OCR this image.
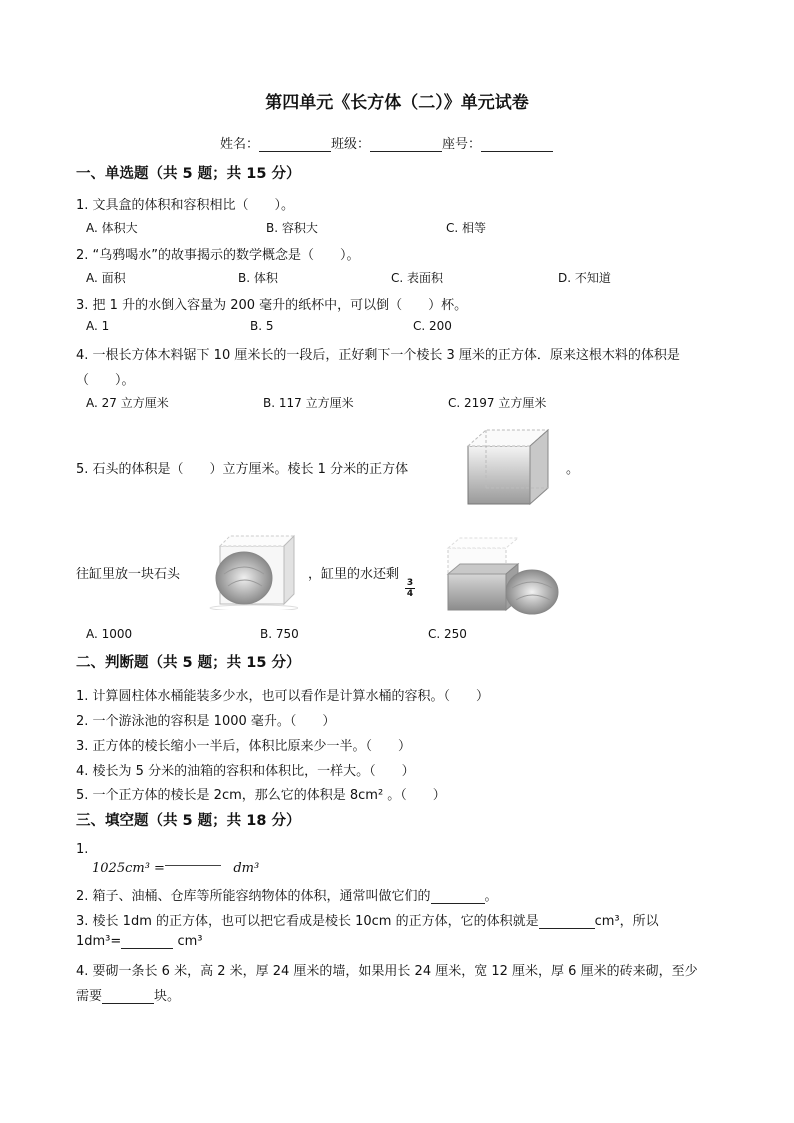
第四单元《长方体（二）》单元试卷
姓名：	班级：	座号：
一、单选题（共 5 题；共 15 分）
1. 文具盒的体积和容积相比（　　）。
A. 体积大	B. 容积大	C. 相等
2. “乌鸦喝水”的故事揭示的数学概念是（　　）。
A. 面积	B. 体积	C. 表面积	D. 不知道
3. 把 1 升的水倒入容量为 200 毫升的纸杯中，可以倒（　　）杯。
A. 1	B. 5	C. 200
4. 一根长方体木料锯下 10 厘米长的一段后，正好剩下一个棱长 3 厘米的正方体．原来这根木料的体积是
（　　）。
A. 27 立方厘米	B. 117 立方厘米	C. 2197 立方厘米
5. 石头的体积是（　　）立方厘米。棱长 1 分米的正方体	。
往缸里放一块石头	，缸里的水还剩
$\frac{3}{4}$
A. 1000	B. 750	C. 250
二、判断题（共 5 题；共 15 分）
1. 计算圆柱体水桶能装多少水，也可以看作是计算水桶的容积。（　　）
2. 一个游泳池的容积是 1000 毫升。（　　）
3. 正方体的棱长缩小一半后，体积比原来少一半。（　　）
4. 棱长为 5 分米的油箱的容积和体积比，一样大。（　　）
5. 一个正方体的棱长是 2cm，那么它的体积是 8cm² 。（　　）
三、填空题（共 5 题；共 18 分）
1.
1025cm³ =	dm³
2. 箱子、油桶、仓库等所能容纳物体的体积，通常叫做它们的	。
3. 棱长 1dm 的正方体，也可以把它看成是棱长 10cm 的正方体，它的体积就是	cm³，所以
1dm³=	cm³
4. 要砌一条长 6 米，高 2 米，厚 24 厘米的墙，如果用长 24 厘米，宽 12 厘米，厚 6 厘米的砖来砌，至少
需要	块。
